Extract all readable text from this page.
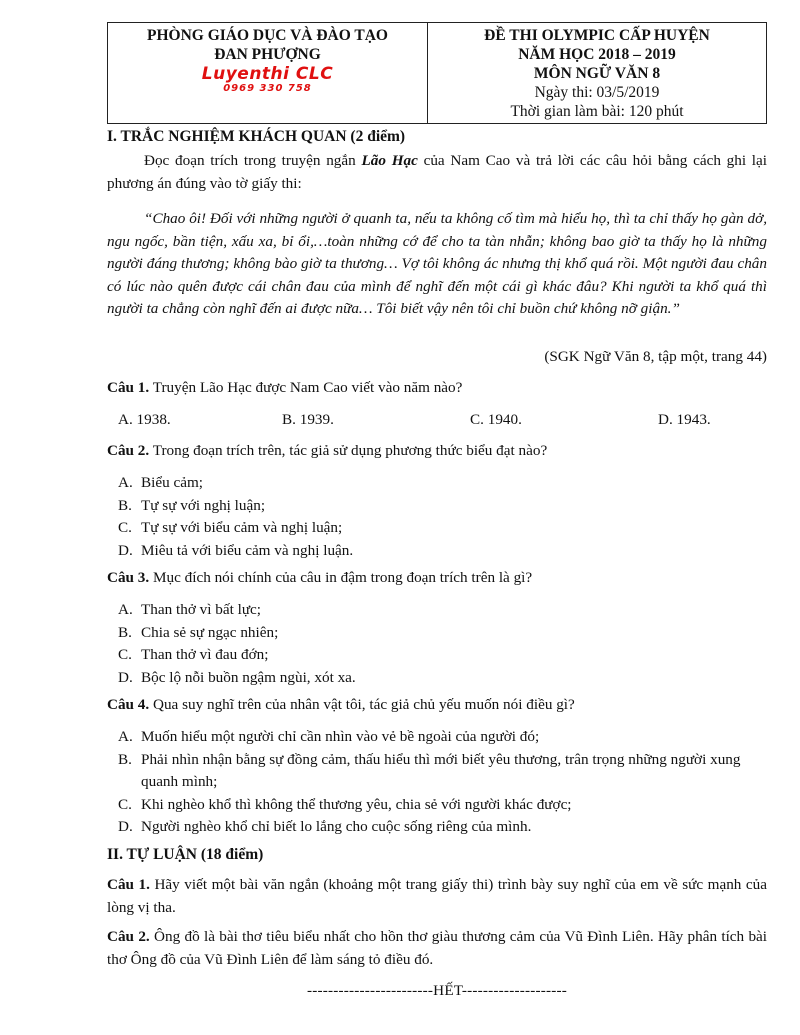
PHÒNG GIÁO DỤC VÀ ĐÀO TẠO
ĐAN PHƯỢNG
Luyenthi CLC
0969 330 758
ĐỀ THI OLYMPIC CẤP HUYỆN
NĂM HỌC 2018 – 2019
MÔN NGỮ VĂN 8
Ngày thi: 03/5/2019
Thời gian làm bài: 120 phút
I. TRẮC NGHIỆM KHÁCH QUAN (2 điểm)
Đọc đoạn trích trong truyện ngắn Lão Hạc của Nam Cao và trả lời các câu hỏi bằng cách ghi lại phương án đúng vào tờ giấy thi:
“Chao ôi! Đối với những người ở quanh ta, nếu ta không cố tìm mà hiểu họ, thì ta chỉ thấy họ gàn dở, ngu ngốc, bần tiện, xấu xa, bỉ ổi,…toàn những cớ để cho ta tàn nhẫn; không bao giờ ta thấy họ là những người đáng thương; không bào giờ ta thương… Vợ tôi không ác nhưng thị khổ quá rồi. Một người đau chân có lúc nào quên được cái chân đau của mình để nghĩ đến một cái gì khác đâu? Khi người ta khổ quá thì người ta chẳng còn nghĩ đến ai được nữa… Tôi biết vậy nên tôi chỉ buồn chứ không nỡ giận.”
(SGK Ngữ Văn 8, tập một, trang 44)
Câu 1. Truyện Lão Hạc được Nam Cao viết vào năm nào?
A. 1938.	B. 1939.	C. 1940.	D. 1943.
Câu 2. Trong đoạn trích trên, tác giả sử dụng phương thức biểu đạt nào?
A. Biểu cảm;
B. Tự sự với nghị luận;
C. Tự sự với biểu cảm và nghị luận;
D. Miêu tả với biểu cảm và nghị luận.
Câu 3. Mục đích nói chính của câu in đậm trong đoạn trích trên là gì?
A. Than thở vì bất lực;
B. Chia sẻ sự ngạc nhiên;
C. Than thở vì đau đớn;
D. Bộc lộ nỗi buồn ngậm ngùi, xót xa.
Câu 4. Qua suy nghĩ trên của nhân vật tôi, tác giả chủ yếu muốn nói điều gì?
A. Muốn hiểu một người chỉ cần nhìn vào vẻ bề ngoài của người đó;
B. Phải nhìn nhận bằng sự đồng cảm, thấu hiểu thì mới biết yêu thương, trân trọng những người xung quanh mình;
C. Khi nghèo khổ thì không thể thương yêu, chia sẻ với người khác được;
D. Người nghèo khổ chỉ biết lo lắng cho cuộc sống riêng của mình.
II. TỰ LUẬN (18 điểm)
Câu 1. Hãy viết một bài văn ngắn (khoảng một trang giấy thi) trình bày suy nghĩ của em về sức mạnh của lòng vị tha.
Câu 2. Ông đồ là bài thơ tiêu biểu nhất cho hồn thơ giàu thương cảm của Vũ Đình Liên. Hãy phân tích bài thơ Ông đồ của Vũ Đình Liên để làm sáng tỏ điều đó.
------------------------HẾT--------------------
